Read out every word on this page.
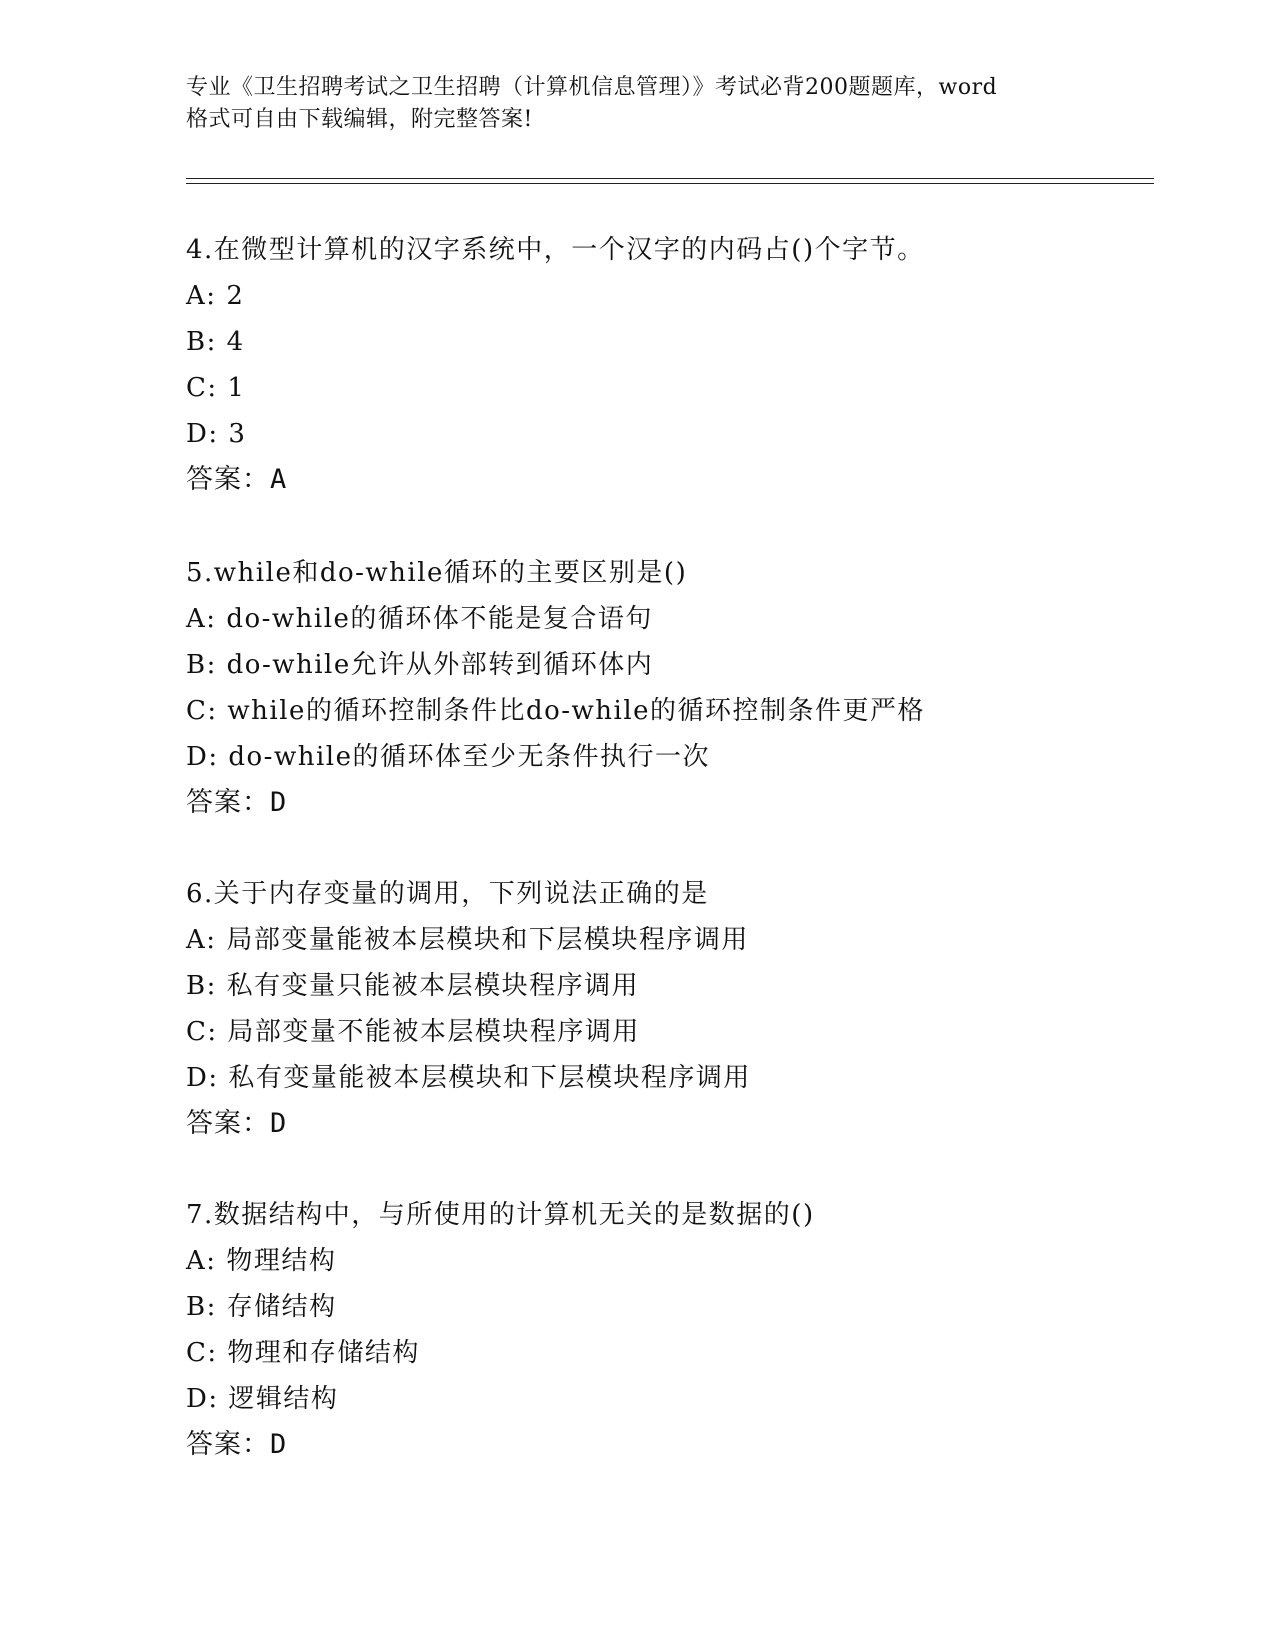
专业《卫生招聘考试之卫生招聘（计算机信息管理）》考试必背200题题库，word
格式可自由下载编辑，附完整答案!
4.在微型计算机的汉字系统中，一个汉字的内码占()个字节。
A: 2
B: 4
C: 1
D: 3
答案：A
5.while和do-while循环的主要区别是()
A: do-while的循环体不能是复合语句
B: do-while允许从外部转到循环体内
C: while的循环控制条件比do-while的循环控制条件更严格
D: do-while的循环体至少无条件执行一次
答案：D
6.关于内存变量的调用，下列说法正确的是
A: 局部变量能被本层模块和下层模块程序调用
B: 私有变量只能被本层模块程序调用
C: 局部变量不能被本层模块程序调用
D: 私有变量能被本层模块和下层模块程序调用
答案：D
7.数据结构中，与所使用的计算机无关的是数据的()
A: 物理结构
B: 存储结构
C: 物理和存储结构
D: 逻辑结构
答案：D
